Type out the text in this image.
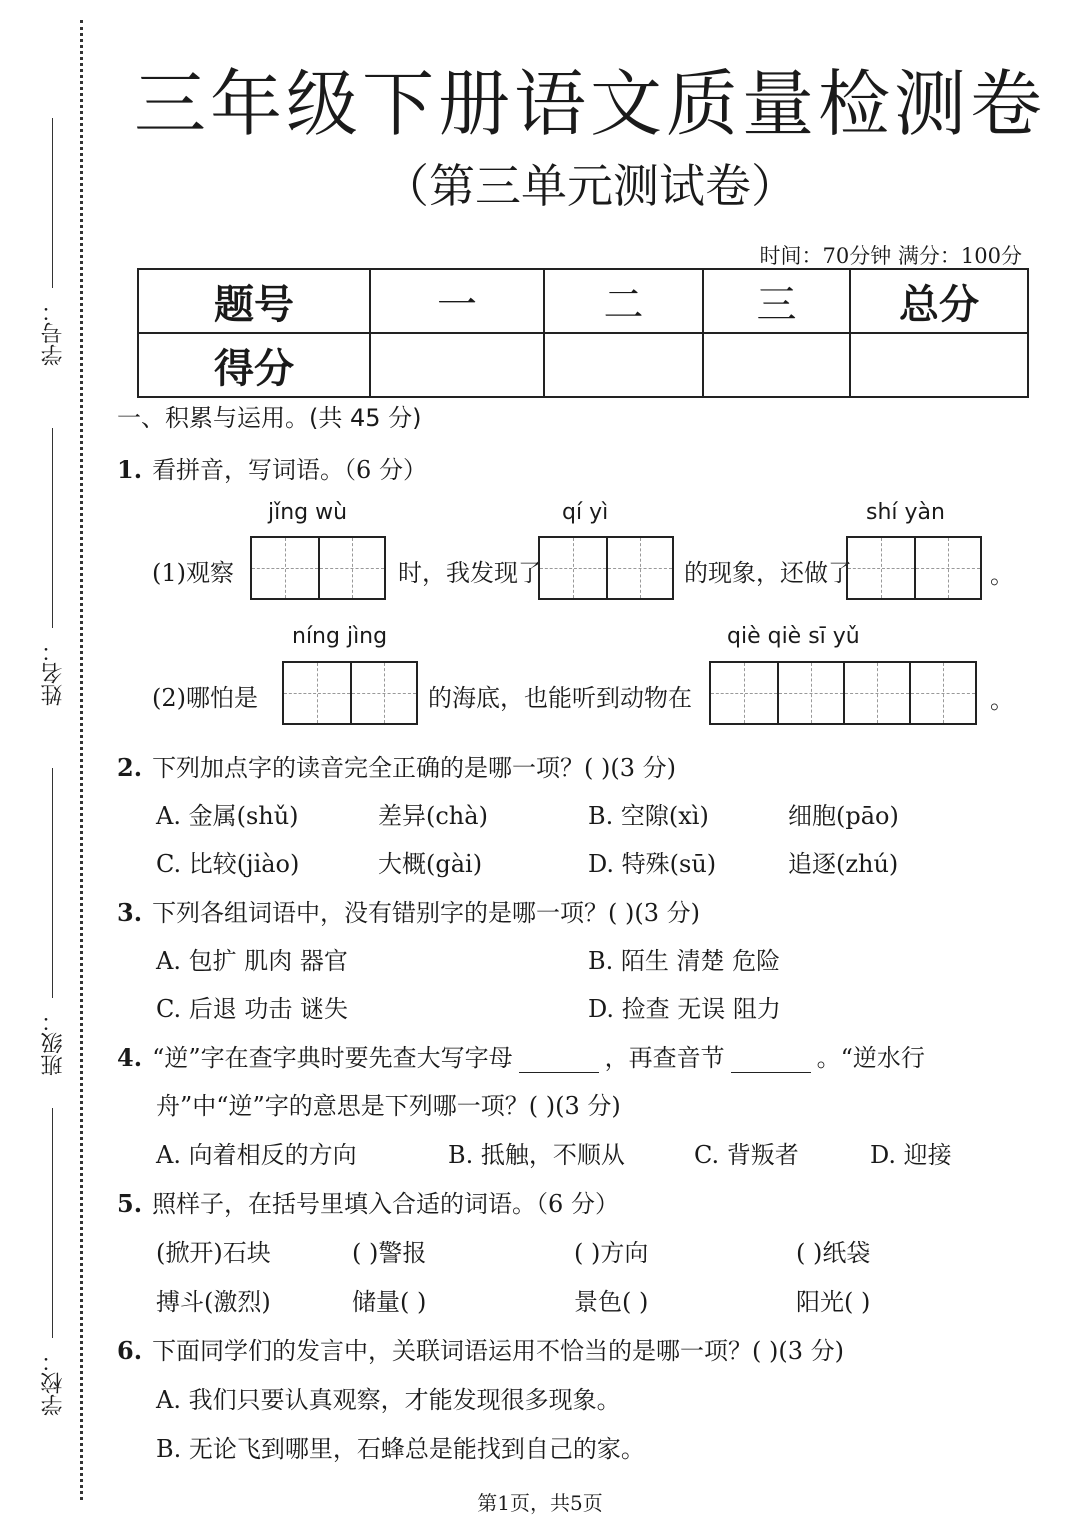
学号：
姓名：
班级：
学校：
三年级下册语文质量检测卷
（第三单元测试卷）
时间：70分钟 满分：100分
题号	一	二	三	总分
得分				
一、积累与运用。(共 45 分)
1. 看拼音，写词语。（6 分）
jǐng wù	qí yì	shí yàn
(1)观察	时，我发现了	的现象，还做了	。
níng jìng	qiè qiè sī yǔ
(2)哪怕是	的海底，也能听到动物在	。
2. 下列加点字的读音完全正确的是哪一项？( )(3 分)
A. 金属(shǔ)	差异(chà)	B. 空隙(xì)	细胞(pāo)
C. 比较(jiào)	大概(gài)	D. 特殊(sū)	追逐(zhú)
3. 下列各组词语中，没有错别字的是哪一项？( )(3 分)
A. 包扩 肌肉 器官	B. 陌生 清楚 危险
C. 后退 功击 谜失	D. 捡查 无误 阻力
4. “逆”字在查字典时要先查大写字母	，再查音节	。“逆水行
舟”中“逆”字的意思是下列哪一项？( )(3 分)
A. 向着相反的方向	B. 抵触，不顺从	C. 背叛者	D. 迎接
5. 照样子，在括号里填入合适的词语。（6 分）
(掀开)石块	( )警报	( )方向	( )纸袋
搏斗(激烈)	储量( )	景色( )	阳光( )
6. 下面同学们的发言中，关联词语运用不恰当的是哪一项？( )(3 分)
A. 我们只要认真观察，才能发现很多现象。
B. 无论飞到哪里，石蜂总是能找到自己的家。
第1页，共5页
